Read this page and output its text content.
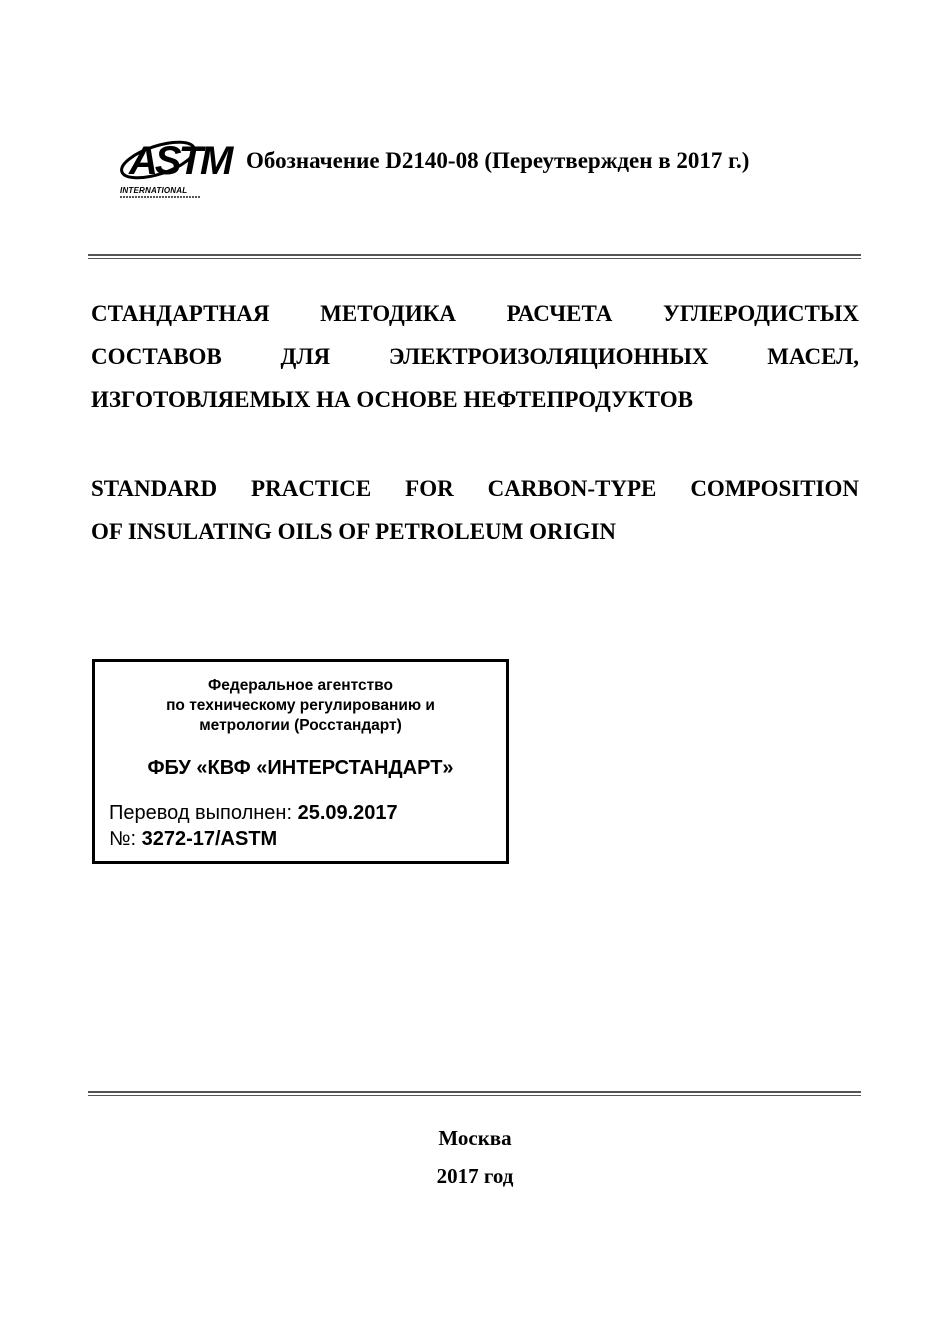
ASTM
INTERNATIONAL
Обозначение D2140-08 (Переутвержден в 2017 г.)
СТАНДАРТНАЯ МЕТОДИКА РАСЧЕТА УГЛЕРОДИСТЫХ
СОСТАВОВ ДЛЯ ЭЛЕКТРОИЗОЛЯЦИОННЫХ МАСЕЛ,
ИЗГОТОВЛЯЕМЫХ НА ОСНОВЕ НЕФТЕПРОДУКТОВ
STANDARD PRACTICE FOR CARBON-TYPE COMPOSITION
OF INSULATING OILS OF PETROLEUM ORIGIN
Федеральное агентство
по техническому регулированию и
метрологии (Росстандарт)
ФБУ «КВФ «ИНТЕРСТАНДАРТ»
Перевод выполнен: 25.09.2017
№: 3272-17/ASTM
Москва
2017 год
